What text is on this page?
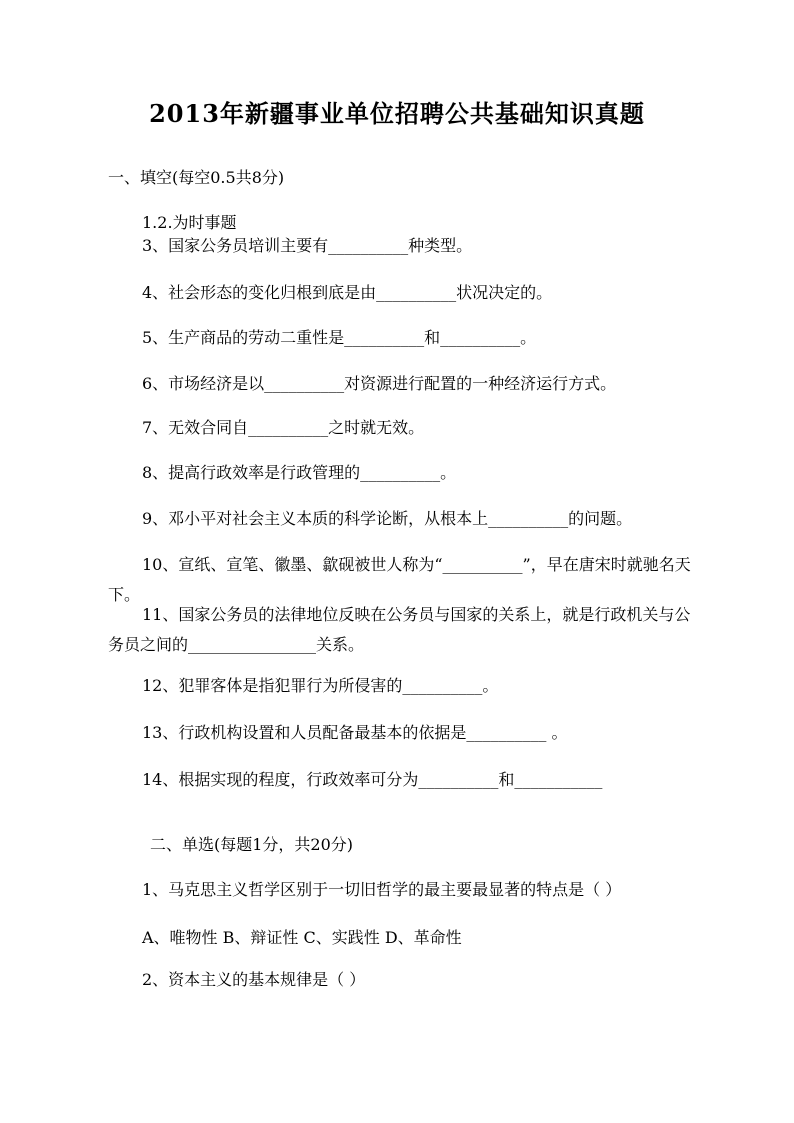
2013年新疆事业单位招聘公共基础知识真题

一、填空(每空0.5共8分)

1.2.为时事题

3、国家公务员培训主要有__________种类型。

4、社会形态的变化归根到底是由__________状况决定的。

5、生产商品的劳动二重性是__________和__________。

6、市场经济是以__________对资源进行配置的一种经济运行方式。

7、无效合同自__________之时就无效。

8、提高行政效率是行政管理的__________。

9、邓小平对社会主义本质的科学论断，从根本上__________的问题。

10、宣纸、宣笔、徽墨、歙砚被世人称为“__________”，早在唐宋时就驰名天下。

11、国家公务员的法律地位反映在公务员与国家的关系上，就是行政机关与公务员之间的________________关系。

12、犯罪客体是指犯罪行为所侵害的__________。

13、行政机构设置和人员配备最基本的依据是__________ 。

14、根据实现的程度，行政效率可分为__________和___________

二、单选(每题1分，共20分)

1、马克思主义哲学区别于一切旧哲学的最主要最显著的特点是（ ）

A、唯物性 B、辩证性 C、实践性 D、革命性

2、资本主义的基本规律是（ ）
